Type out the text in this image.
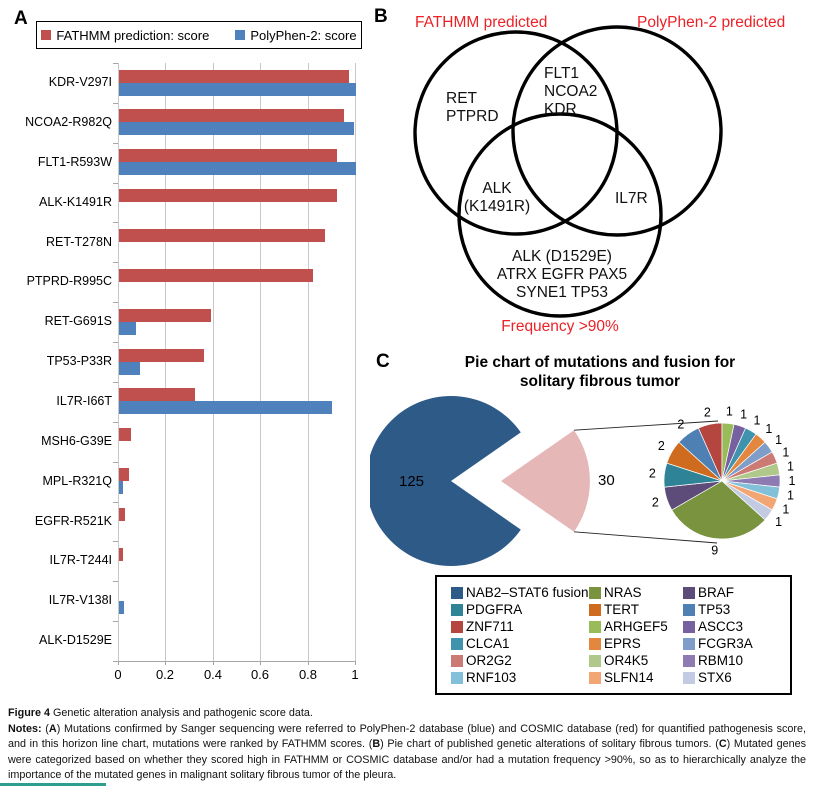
A
FATHMM prediction: score	PolyPhen-2: score
KDR-V297I
NCOA2-R982Q
FLT1-R593W
ALK-K1491R
RET-T278N
PTPRD-R995C
RET-G691S
TP53-P33R
IL7R-I66T
MSH6-G39E
MPL-R321Q
EGFR-R521K
IL7R-T244I
IL7R-V138I
ALK-D1529E
0	0.2	0.4	0.6	0.8	1
B FATHMM predicted	PolyPhen-2 predicted
RET
PTPRD
FLT1
NCOA2
KDR
ALK
(K1491R)	IL7R
ALK (D1529E)
ATRX EGFR PAX5
SYNE1 TP53
Frequency >90%
C	Pie chart of mutations and fusion for
solitary fibrous tumor
125	30
9
2
2
2
2
2 1 1 1
1
1
1
1
1
1
1
1
NAB2–STAT6 fusion
PDGFRA
ZNF711
CLCA1
OR2G2
RNF103
NRAS
TERT
ARHGEF5
EPRS
OR4K5
SLFN14
BRAF
TP53
ASCC3
FCGR3A
RBM10
STX6
Figure 4 Genetic alteration analysis and pathogenic score data.
Notes: (A) Mutations confirmed by Sanger sequencing were referred to PolyPhen-2 database (blue) and COSMIC database (red) for quantified pathogenesis score, and in this horizon line chart, mutations were ranked by FATHMM scores. (B) Pie chart of published genetic alterations of solitary fibrous tumors. (C) Mutated genes were categorized based on whether they scored high in FATHMM or COSMIC database and/or had a mutation frequency >90%, so as to hierarchically analyze the importance of the mutated genes in malignant solitary fibrous tumor of the pleura.
